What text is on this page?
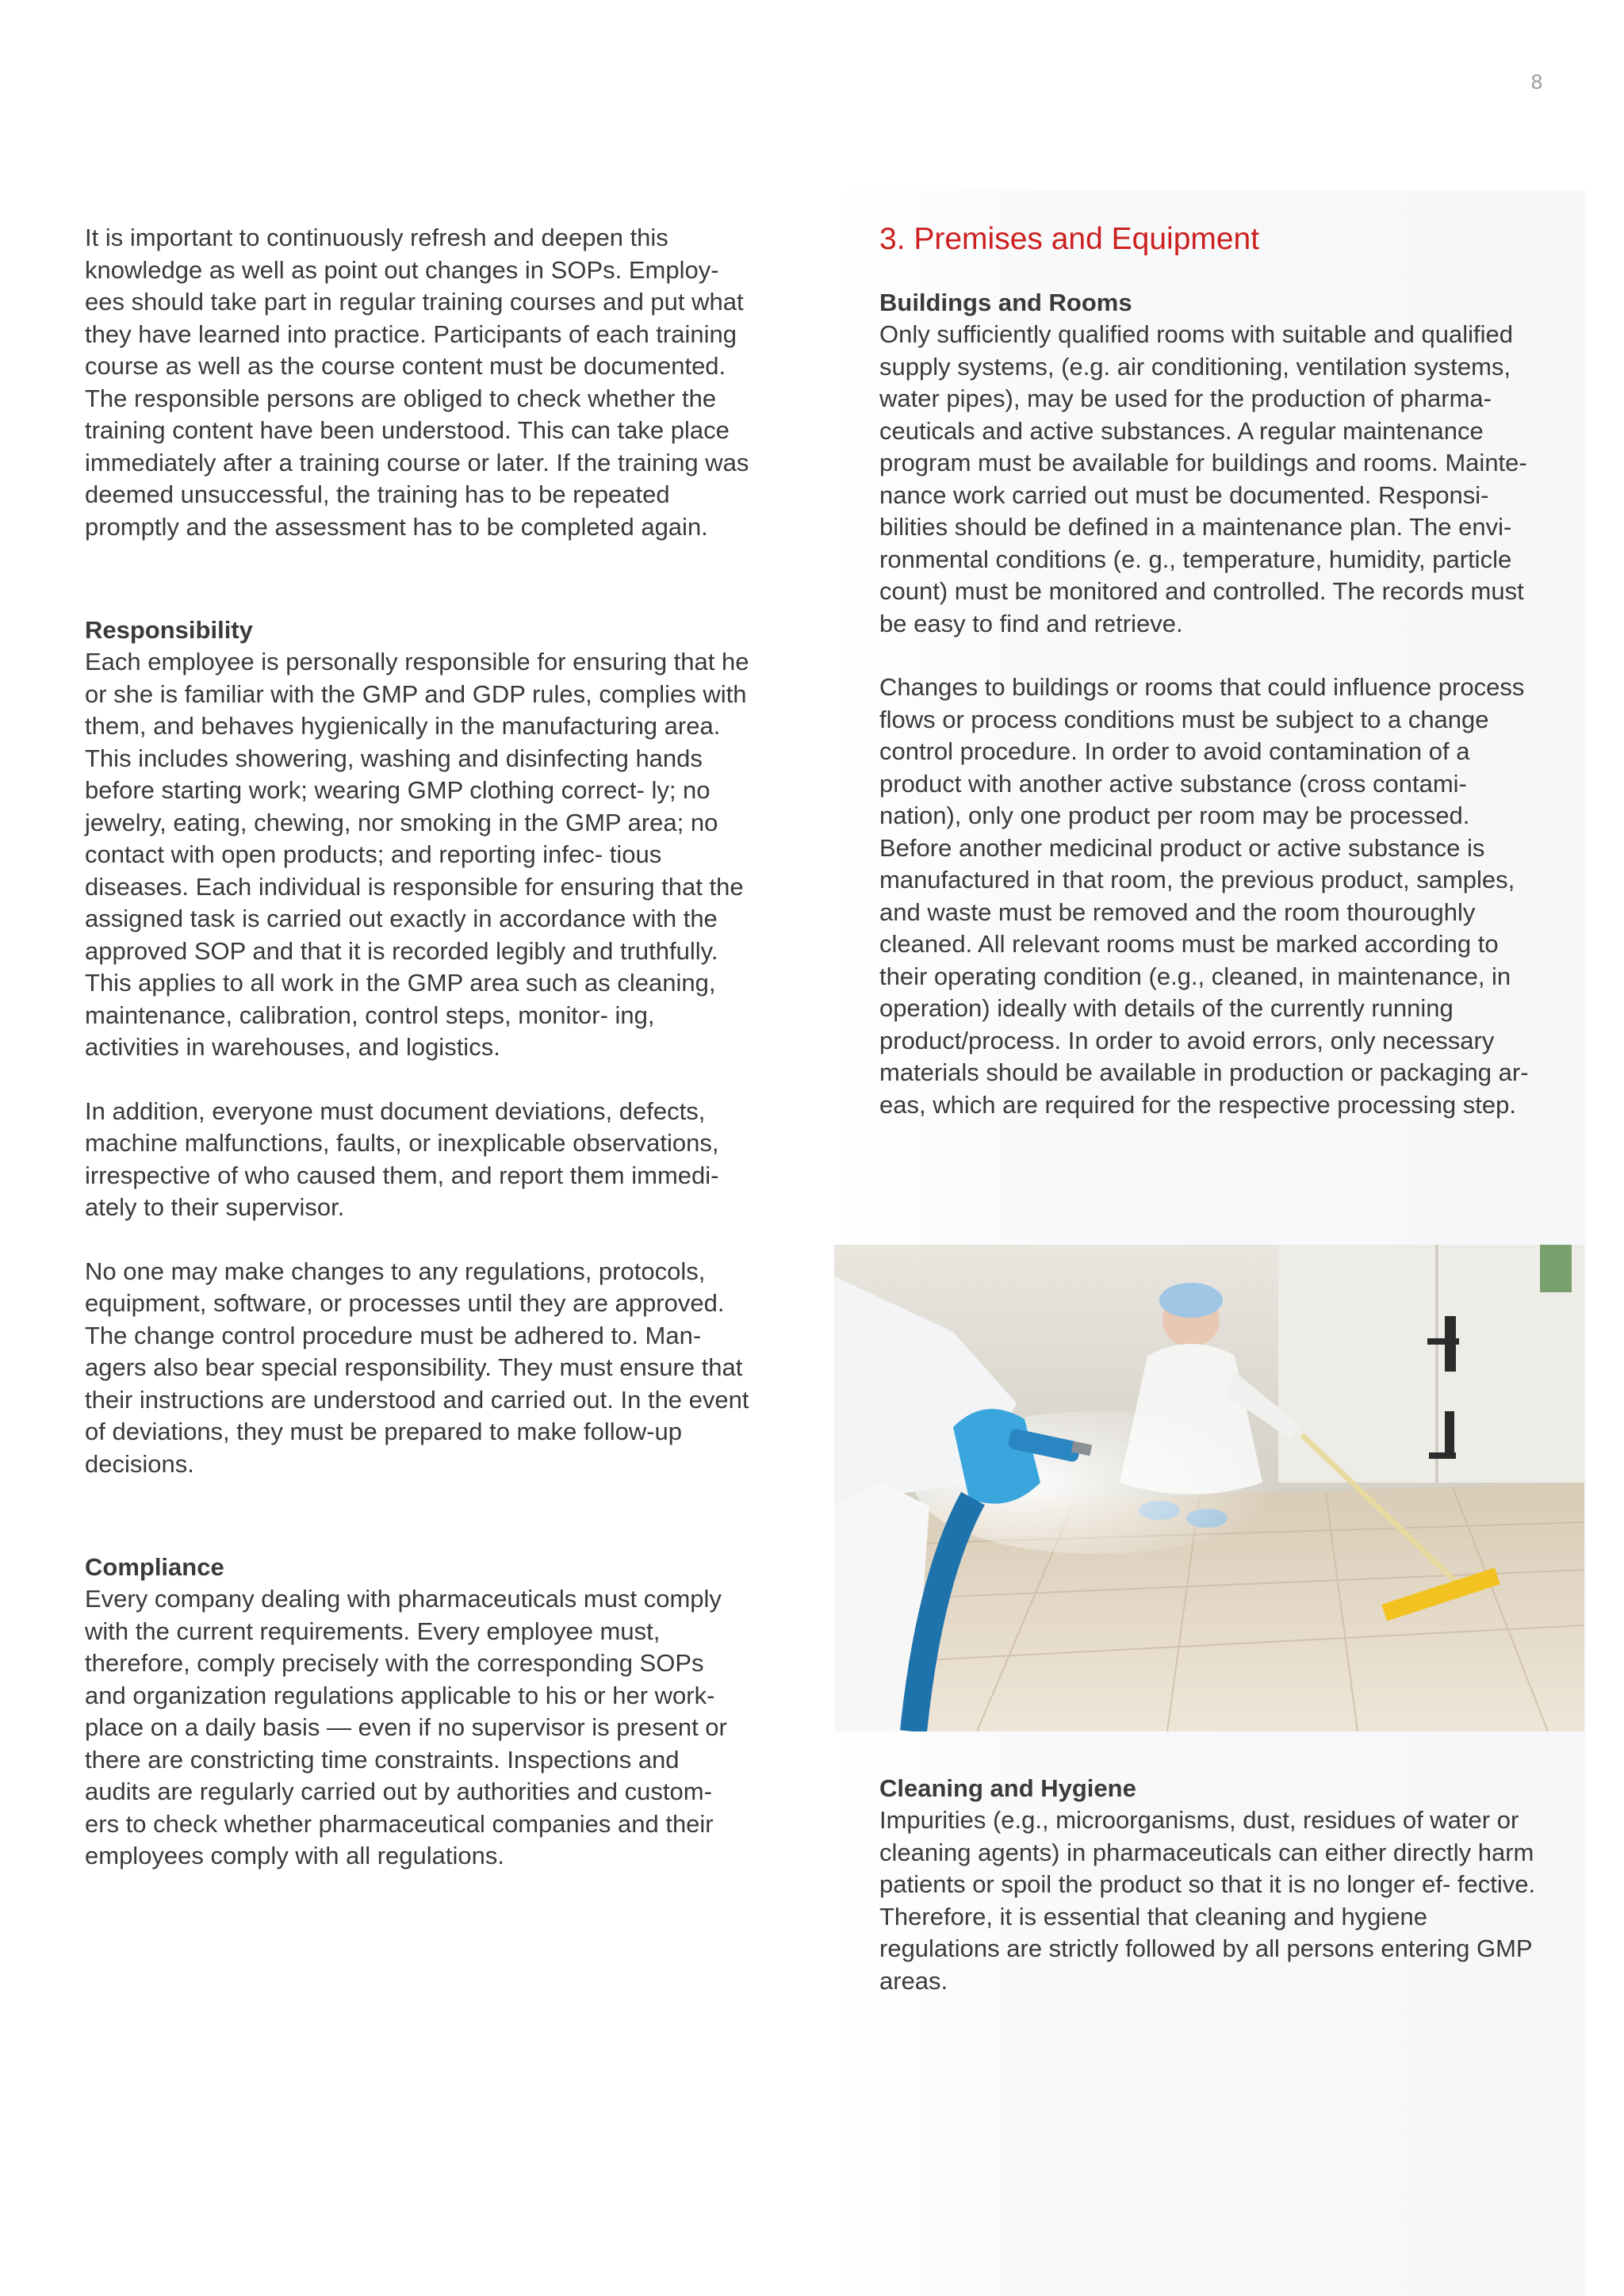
8

It is important to continuously refresh and deepen this knowledge as well as point out changes in SOPs. Employ- ees should take part in regular training courses and put what they have learned into practice. Participants of each training course as well as the course content must be documented. The responsible persons are obliged to check whether the training content have been understood. This can take place immediately after a training course or later. If the training was deemed unsuccessful, the training has to be repeated promptly and the assessment has to be completed again.

Responsibility

Each employee is personally responsible for ensuring that he or she is familiar with the GMP and GDP rules, complies with them, and behaves hygienically in the manufacturing area. This includes showering, washing and disinfecting hands before starting work; wearing GMP clothing correct- ly; no jewelry, eating, chewing, nor smoking in the GMP area; no contact with open products; and reporting infec- tious diseases. Each individual is responsible for ensuring that the assigned task is carried out exactly in accordance with the approved SOP and that it is recorded legibly and truthfully. This applies to all work in the GMP area such as cleaning, maintenance, calibration, control steps, monitor- ing, activities in warehouses, and logistics.

In addition, everyone must document deviations, defects, machine malfunctions, faults, or inexplicable observations, irrespective of who caused them, and report them immedi- ately to their supervisor.

No one may make changes to any regulations, protocols, equipment, software, or processes until they are approved. The change control procedure must be adhered to. Man- agers also bear special responsibility. They must ensure that their instructions are understood and carried out. In the event of deviations, they must be prepared to make follow-up decisions.

Compliance

Every company dealing with pharmaceuticals must comply with the current requirements. Every employee must, therefore, comply precisely with the corresponding SOPs and organization regulations applicable to his or her work- place on a daily basis — even if no supervisor is present or there are constricting time constraints. Inspections and audits are regularly carried out by authorities and custom- ers to check whether pharmaceutical companies and their employees comply with all regulations.

3. Premises and Equipment
Buildings and Rooms

Only sufficiently qualified rooms with suitable and qualified supply systems, (e.g. air conditioning, ventilation systems, water pipes), may be used for the production of pharma- ceuticals and active substances. A regular maintenance program must be available for buildings and rooms. Mainte- nance work carried out must be documented. Responsi- bilities should be defined in a maintenance plan. The envi- ronmental conditions (e. g., temperature, humidity, particle count) must be monitored and controlled. The records must be easy to find and retrieve.

Changes to buildings or rooms that could influence process flows or process conditions must be subject to a change control procedure. In order to avoid contamination of a product with another active substance (cross contami- nation), only one product per room may be processed. Before another medicinal product or active substance is manufactured in that room, the previous product, samples, and waste must be removed and the room thouroughly cleaned. All relevant rooms must be marked according to their operating condition (e.g., cleaned, in maintenance, in operation) ideally with details of the currently running product/process. In order to avoid errors, only necessary materials should be available in production or packaging ar- eas, which are required for the respective processing step.

Cleaning and Hygiene

Impurities (e.g., microorganisms, dust, residues of water or cleaning agents) in pharmaceuticals can either directly harm patients or spoil the product so that it is no longer ef- fective. Therefore, it is essential that cleaning and hygiene regulations are strictly followed by all persons entering GMP areas.
